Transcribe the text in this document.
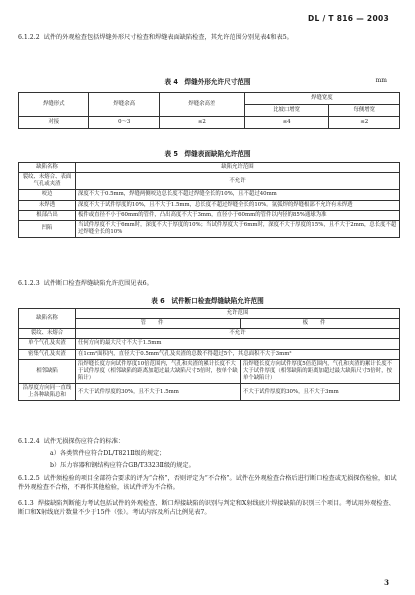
DL / T 816 — 2003
6.1.2.2 试件的外观检查包括焊缝外形尺寸检查和焊缝表面缺陷检查，其允许范围分别见表4和表5。
表 4　焊缝外形允许尺寸范围	mm
焊缝形式	焊缝余高	焊缝余高差	焊缝宽度	
			比坡口增宽	每侧增宽
对接	0～3	≤2	≤4	≤2
表 5　焊缝表面缺陷允许范围
缺陷名称	缺陷允许范围
裂纹、未熔合、表面气孔或夹渣	不允许
咬边	深度不大于0.5mm，焊缝两侧咬边总长度不超过焊缝全长的10%，且不超过40mm
未焊透	深度不大于试件厚度的10%，且不大于1.5mm，总长度不超过焊缝全长的10%。氩弧焊的焊缝根部不允许有未焊透
根部凸出	板件或直径不小于60mm的管件，凸出高度不大于3mm，直径小于60mm的管件以内径的85%通球为准
凹陷	当试件厚度不大于6mm时，深度不大于厚度的10%；当试件厚度大于6mm时，深度不大于厚度的15%，且不大于2mm，总长度不超过焊缝全长的10%
6.1.2.3 试件断口检查焊缝缺陷允许范围见表6。
表 6　试件断口检查焊缝缺陷允许范围
缺陷名称	允许范围	
	管件	板件
裂纹、未熔合	不允许	
单个气孔及夹渣	任何方向的最大尺寸不大于1.5mm	
密集气孔及夹渣	在1cm²面积内，直径大于0.5mm气孔及夹渣的总数不得超过5个，其总面积不大于3mm²	
相邻缺陷	沿焊缝长度方向试件厚度10倍范围内，气孔和夹渣的累计长度不大于试件厚度（相邻缺陷的距离加超过最大缺陷尺寸5倍时，按单个缺陷计）	沿焊缝长度方向试件厚度5倍范围内，气孔和夹渣的累计长度不大于试件厚度（相邻缺陷的距离加超过最大缺陷尺寸5倍时，按单个缺陷计）
沿厚度方向同一直线上各种缺陷总和	不大于试件厚度的30%，且不大于1.5mm	不大于试件厚度的30%，且不大于3mm
6.1.2.4 试件无损探伤应符合的标准：
a）各类管件应符合DL/T821Ⅱ级的规定；
b）压力容器和钢结构应符合GB/T3323Ⅱ级的规定。
6.1.2.5 试件须检验的项目全部符合要求的评为“合格”，否则评定为“不合格”。试件在外观检查合格后进行断口检查或无损探伤检验，如试件外观检查不合格，不再作其他检验，该试件评为不合格。
6.1.3 焊接缺陷判断能力考试包括试件的外观检查、断口焊接缺陷的识别与判定和X射线底片焊接缺陷的识别三个项目。考试用外观检查、断口和X射线底片数量不少于15件（张）。考试内容及所占比例见表7。
3
